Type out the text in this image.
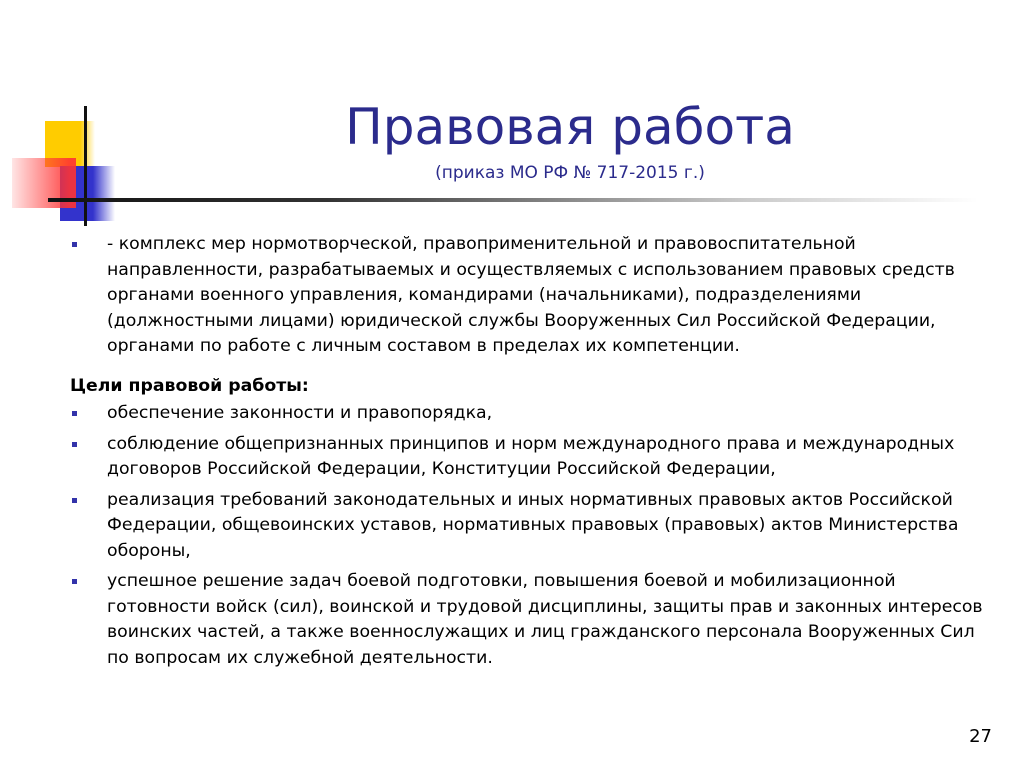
Правовая работа
(приказ МО РФ № 717-2015 г.)
- комплекс мер нормотворческой, правоприменительной и правовоспитательной направленности, разрабатываемых и осуществляемых с использованием правовых средств органами военного управления, командирами (начальниками), подразделениями (должностными лицами) юридической службы Вооруженных Сил Российской Федерации, органами по работе с личным составом в пределах их компетенции.
Цели правовой работы:
обеспечение законности и правопорядка,
соблюдение общепризнанных принципов и норм международного права и международных договоров Российской Федерации, Конституции Российской Федерации,
реализация требований законодательных и иных нормативных правовых актов Российской Федерации, общевоинских уставов, нормативных правовых (правовых) актов Министерства обороны,
успешное решение задач боевой подготовки, повышения боевой и мобилизационной готовности войск (сил), воинской и трудовой дисциплины, защиты прав и законных интересов воинских частей, а также военнослужащих и лиц гражданского персонала Вооруженных Сил по вопросам их служебной деятельности.
27
